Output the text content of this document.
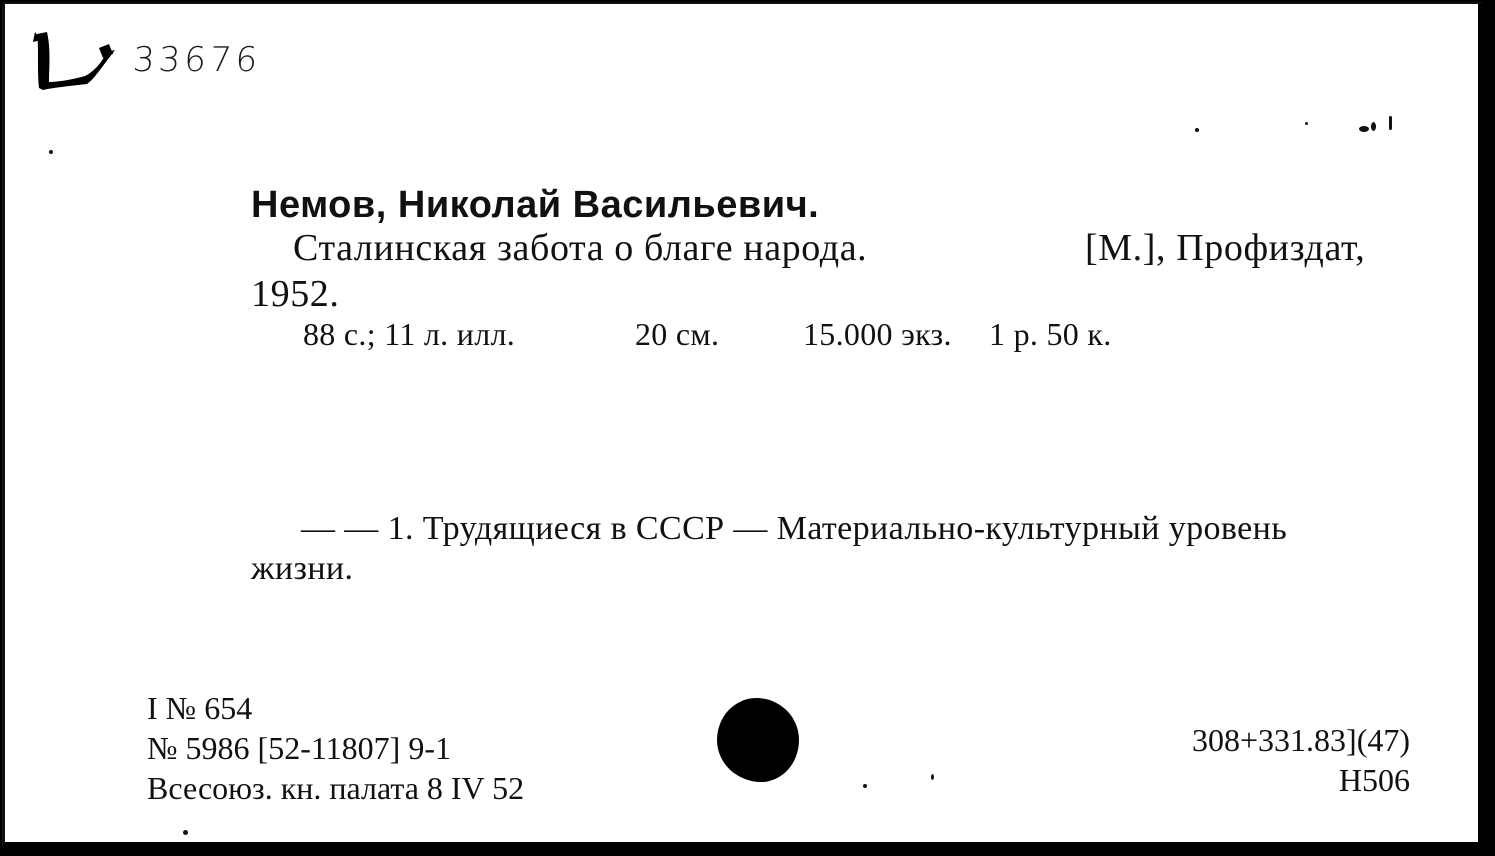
33676
Немов, Николай Васильевич.
Сталинская забота о благе народа.	[М.], Профиздат,
1952.
88 с.; 11 л. илл.	20 см.	15.000 экз. 1 р. 50 к.
— — 1. Трудящиеся в СССР — Материально-культурный уровень
жизни.
I № 654
№ 5986 [52-11807] 9-1
Всесоюз. кн. палата 8 IV 52
308+331.83](47)
Н506
